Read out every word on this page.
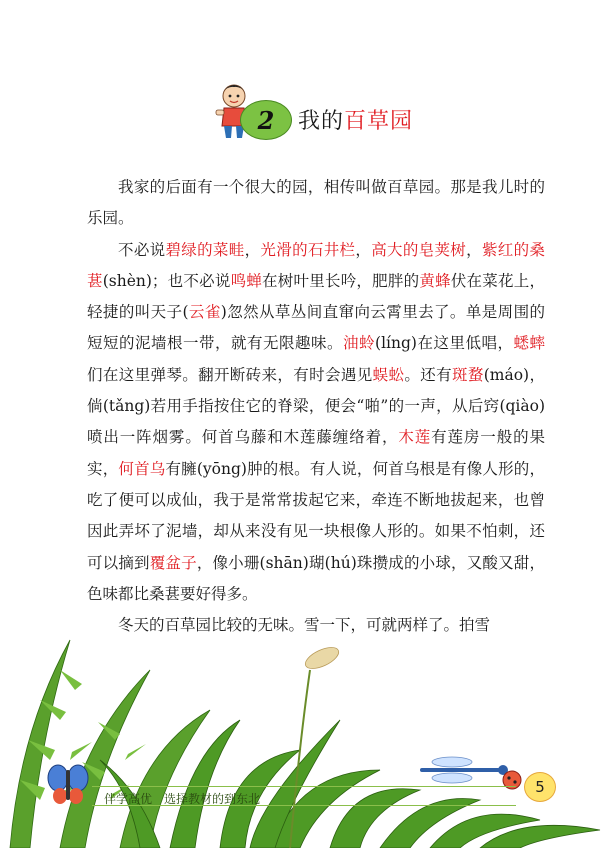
2	我的百草园

我家的后面有一个很大的园，相传叫做百草园。那是我儿时的乐园。

不必说碧绿的菜畦，光滑的石井栏，高大的皂荚树，紫红的桑葚(shèn)；也不必说鸣蝉在树叶里长吟，肥胖的黄蜂伏在菜花上，轻捷的叫天子(云雀)忽然从草丛间直窜向云霄里去了。单是周围的短短的泥墙根一带，就有无限趣味。油蛉(líng)在这里低唱，蟋蟀们在这里弹琴。翻开断砖来，有时会遇见蜈蚣。还有斑蝥(máo)，倘(tǎng)若用手指按住它的脊梁，便会“啪”的一声，从后窍(qiào)喷出一阵烟雾。何首乌藤和木莲藤缠络着，木莲有莲房一般的果实，何首乌有臃(yōng)肿的根。有人说，何首乌根是有像人形的，吃了便可以成仙，我于是常常拔起它来，牵连不断地拔起来，也曾因此弄坏了泥墙，却从来没有见一块根像人形的。如果不怕刺，还可以摘到覆盆子，像小珊(shān)瑚(hú)珠攒成的小球，又酸又甜，色味都比桑葚要好得多。

冬天的百草园比较的无味。雪一下，可就两样了。拍雪

伴学高优　选择教材的到东北
5
